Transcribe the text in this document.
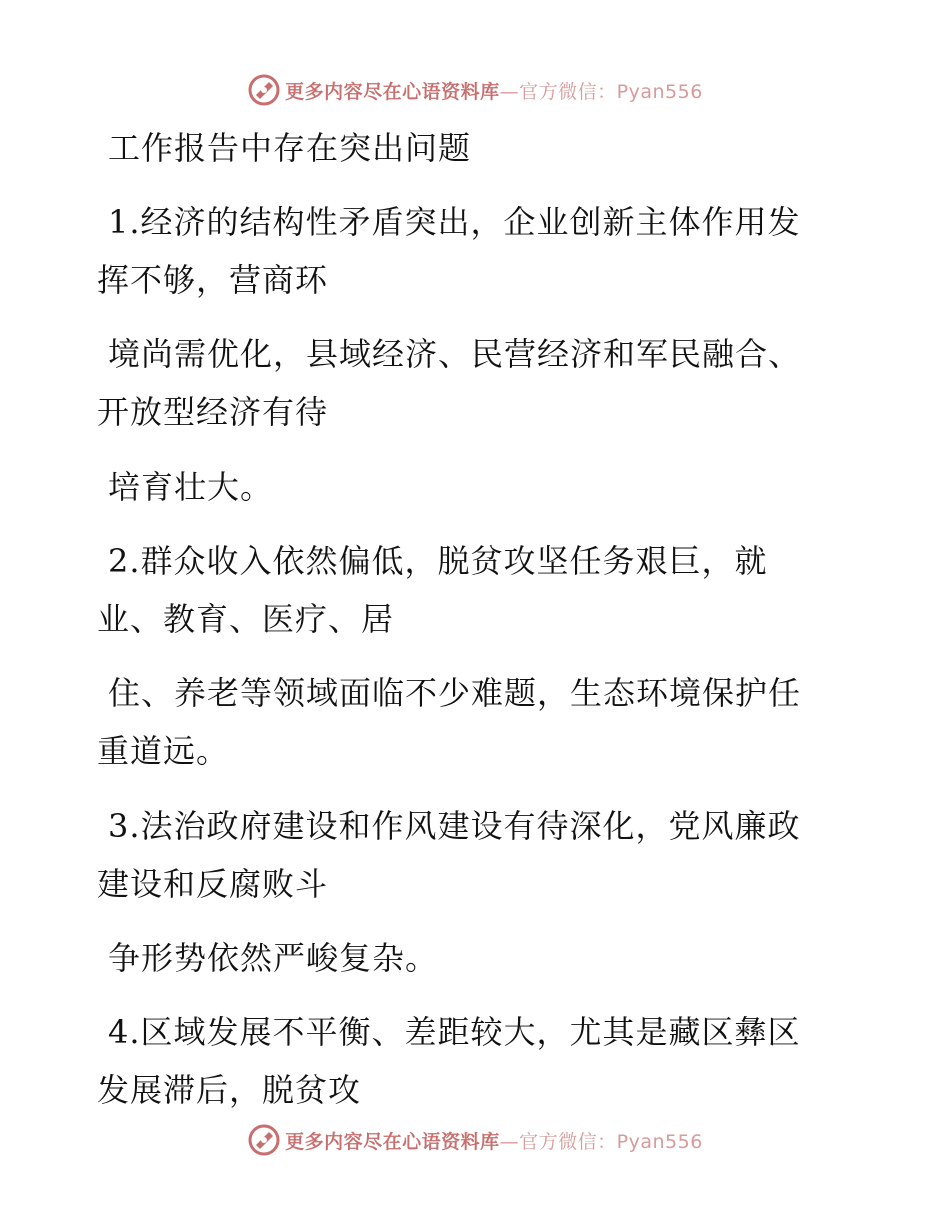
更多内容尽在心语资料库—官方微信：Pyan556
工作报告中存在突出问题
1.经济的结构性矛盾突出，企业创新主体作用发
挥不够，营商环
境尚需优化，县域经济、民营经济和军民融合、
开放型经济有待
培育壮大。
2.群众收入依然偏低，脱贫攻坚任务艰巨，就
业、教育、医疗、居
住、养老等领域面临不少难题，生态环境保护任
重道远。
3.法治政府建设和作风建设有待深化，党风廉政
建设和反腐败斗
争形势依然严峻复杂。
4.区域发展不平衡、差距较大，尤其是藏区彝区
发展滞后，脱贫攻
更多内容尽在心语资料库—官方微信：Pyan556
